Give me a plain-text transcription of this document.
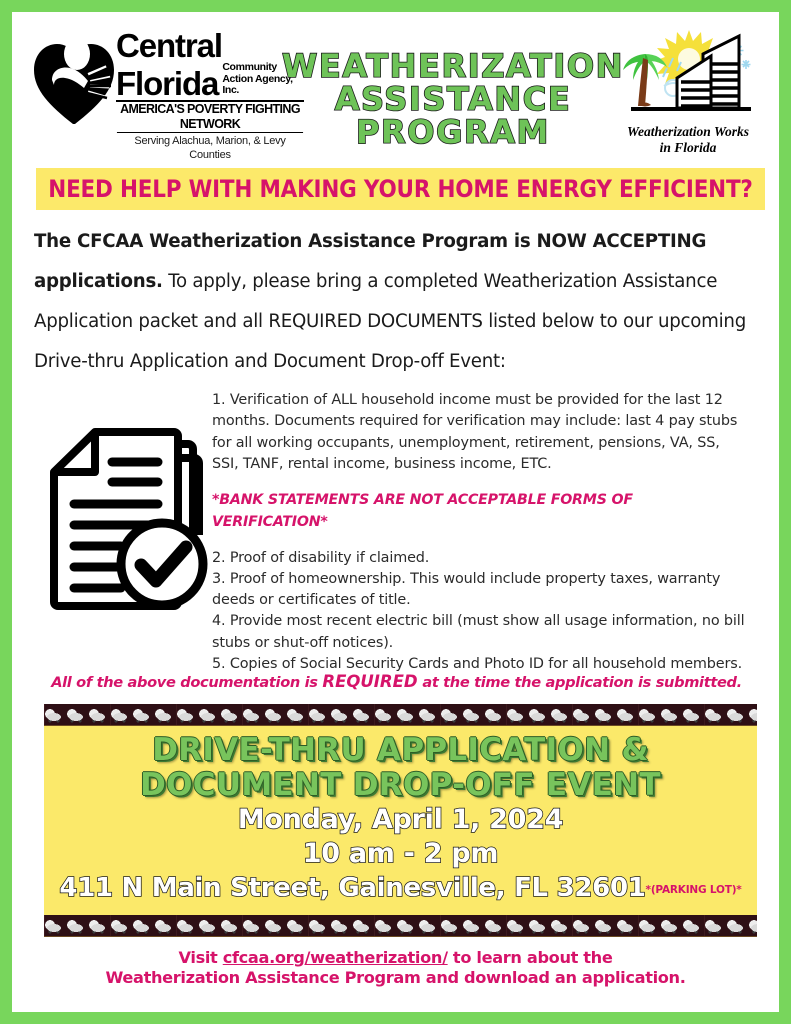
Central
Florida Community
Action Agency, Inc.
AMERICA'S POVERTY FIGHTING NETWORK
Serving Alachua, Marion, & Levy Counties
WEATHERIZATION
ASSISTANCE
PROGRAM	Weatherization Works
in Florida
NEED HELP WITH MAKING YOUR HOME ENERGY EFFICIENT?
The CFCAA Weatherization Assistance Program is NOW ACCEPTING applications. To apply, please bring a completed Weatherization Assistance Application packet and all REQUIRED DOCUMENTS listed below to our upcoming Drive-thru Application and Document Drop-off Event:

1. Verification of ALL household income must be provided for the last 12 months. Documents required for verification may include: last 4 pay stubs for all working occupants, unemployment, retirement, pensions, VA, SS, SSI, TANF, rental income, business income, ETC.

*BANK STATEMENTS ARE NOT ACCEPTABLE FORMS OF VERIFICATION*

2. Proof of disability if claimed.

3. Proof of homeownership. This would include property taxes, warranty deeds or certificates of title.

4. Provide most recent electric bill (must show all usage information, no bill stubs or shut-off notices).

5. Copies of Social Security Cards and Photo ID for all household members.

All of the above documentation is REQUIRED at the time the application is submitted.
DRIVE-THRU APPLICATION &
DOCUMENT DROP-OFF EVENT
Monday, April 1, 2024
10 am - 2 pm
411 N Main Street, Gainesville, FL 32601*(PARKING LOT)*
Visit cfcaa.org/weatherization/ to learn about the
Weatherization Assistance Program and download an application.
